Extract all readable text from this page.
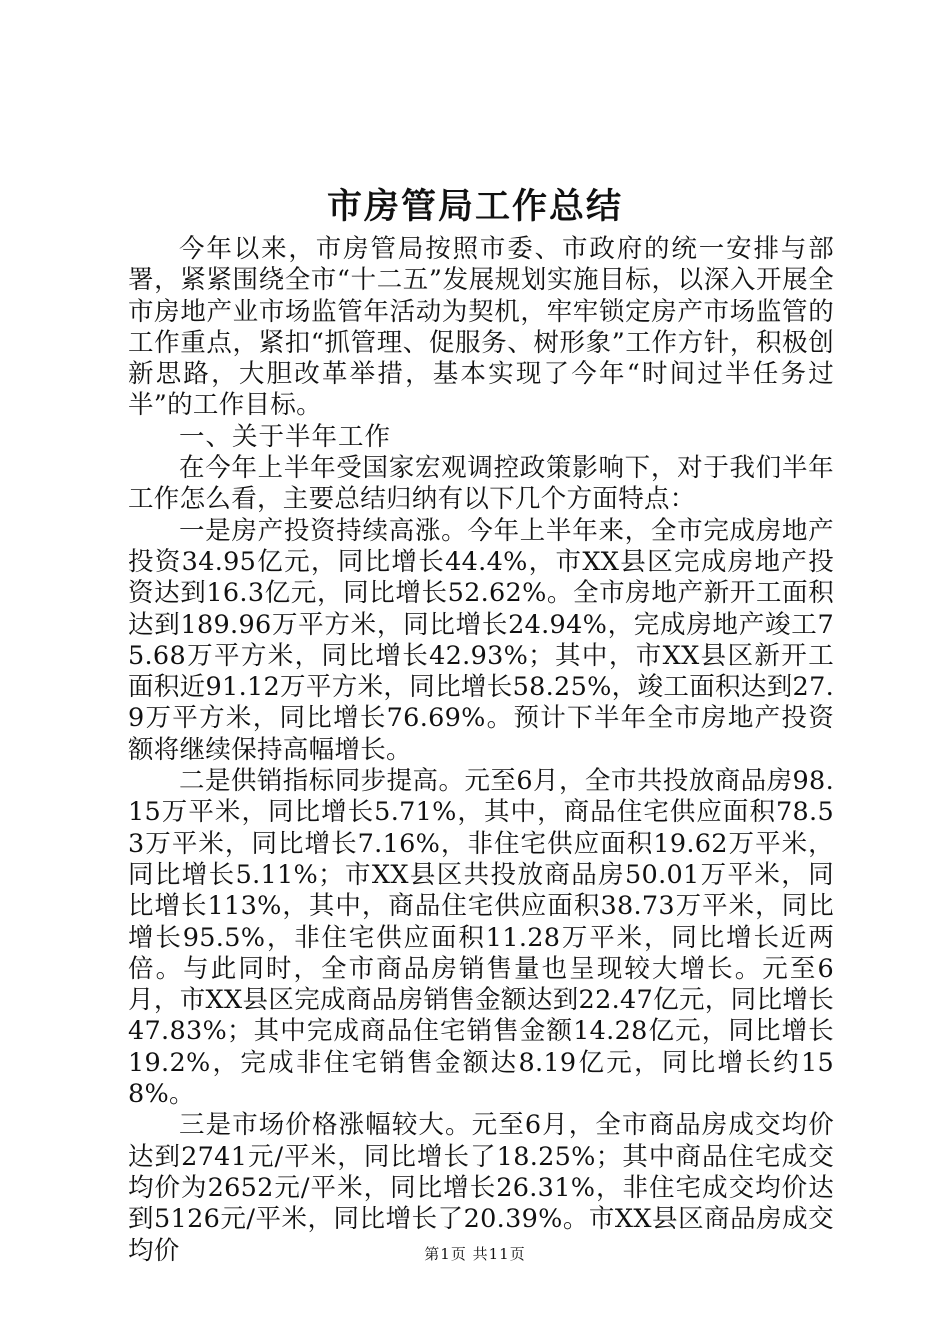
市房管局工作总结

今年以来，市房管局按照市委、市政府的统一安排与部署，紧紧围绕全市“十二五”发展规划实施目标，以深入开展全市房地产业市场监管年活动为契机，牢牢锁定房产市场监管的工作重点，紧扣“抓管理、促服务、树形象”工作方针，积极创新思路，大胆改革举措，基本实现了今年“时间过半任务过半”的工作目标。

一、关于半年工作

在今年上半年受国家宏观调控政策影响下，对于我们半年工作怎么看，主要总结归纳有以下几个方面特点：

一是房产投资持续高涨。今年上半年来，全市完成房地产投资34.95亿元，同比增长44.4%，市XX县区完成房地产投资达到16.3亿元，同比增长52.62%。全市房地产新开工面积达到189.96万平方米，同比增长24.94%，完成房地产竣工75.68万平方米，同比增长42.93%；其中，市XX县区新开工面积近91.12万平方米，同比增长58.25%，竣工面积达到27.9万平方米，同比增长76.69%。预计下半年全市房地产投资额将继续保持高幅增长。

二是供销指标同步提高。元至6月，全市共投放商品房98.15万平米，同比增长5.71%，其中，商品住宅供应面积78.53万平米，同比增长7.16%，非住宅供应面积19.62万平米，同比增长5.11%；市XX县区共投放商品房50.01万平米，同比增长113%，其中，商品住宅供应面积38.73万平米，同比增长95.5%，非住宅供应面积11.28万平米，同比增长近两倍。与此同时，全市商品房销售量也呈现较大增长。元至6月，市XX县区完成商品房销售金额达到22.47亿元，同比增长47.83%；其中完成商品住宅销售金额14.28亿元，同比增长19.2%，完成非住宅销售金额达8.19亿元，同比增长约158%。

三是市场价格涨幅较大。元至6月，全市商品房成交均价达到2741元/平米，同比增长了18.25%；其中商品住宅成交均价为2652元/平米，同比增长26.31%，非住宅成交均价达到5126元/平米，同比增长了20.39%。市XX县区商品房成交均价	第1页 共11页
